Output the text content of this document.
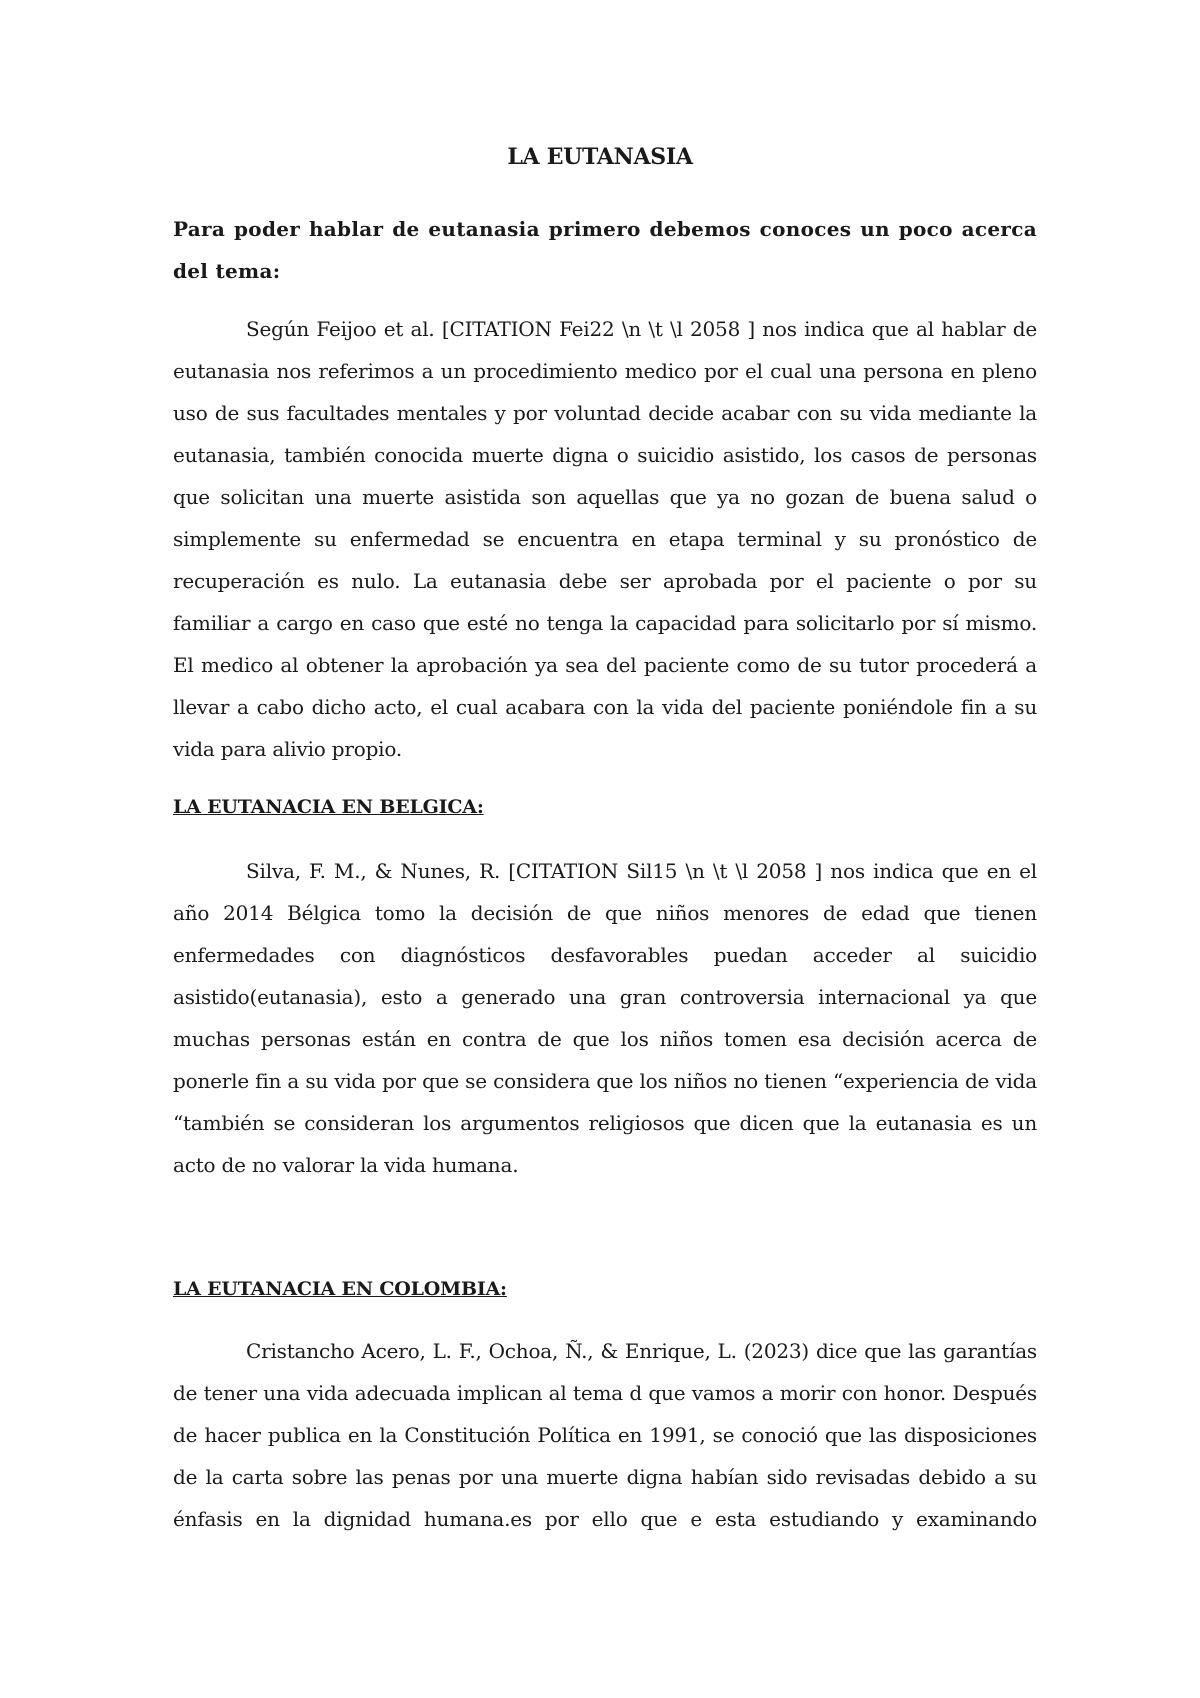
LA EUTANASIA
Para poder hablar de eutanasia primero debemos conoces un poco acerca del tema:
Según Feijoo et al. [CITATION Fei22 \n \t \l 2058 ] nos indica que al hablar de eutanasia nos referimos a un procedimiento medico por el cual una persona en pleno uso de sus facultades mentales y por voluntad decide acabar con su vida mediante la eutanasia, también conocida muerte digna o suicidio asistido, los casos de personas que solicitan una muerte asistida son aquellas que ya no gozan de buena salud o simplemente su enfermedad se encuentra en etapa terminal y su pronóstico de recuperación es nulo. La eutanasia debe ser aprobada por el paciente o por su familiar a cargo en caso que esté no tenga la capacidad para solicitarlo por sí mismo. El medico al obtener la aprobación ya sea del paciente como de su tutor procederá a llevar a cabo dicho acto, el cual acabara con la vida del paciente poniéndole fin a su vida para alivio propio.
LA EUTANACIA EN BELGICA:
Silva, F. M., & Nunes, R. [CITATION Sil15 \n \t \l 2058 ] nos indica que en el año 2014 Bélgica tomo la decisión de que niños menores de edad que tienen enfermedades con diagnósticos desfavorables puedan acceder al suicidio asistido(eutanasia), esto a generado una gran controversia internacional ya que muchas personas están en contra de que los niños tomen esa decisión acerca de ponerle fin a su vida por que se considera que los niños no tienen “experiencia de vida “también se consideran los argumentos religiosos que dicen que la eutanasia es un acto de no valorar la vida humana.
LA EUTANACIA EN COLOMBIA:
Cristancho Acero, L. F., Ochoa, Ñ., & Enrique, L. (2023) dice que las garantías de tener una vida adecuada implican al tema d que vamos a morir con honor. Después de hacer publica en la Constitución Política en 1991, se conoció que las disposiciones de la carta sobre las penas por una muerte digna habían sido revisadas debido a su énfasis en la dignidad humana.es por ello que e esta estudiando y examinando
